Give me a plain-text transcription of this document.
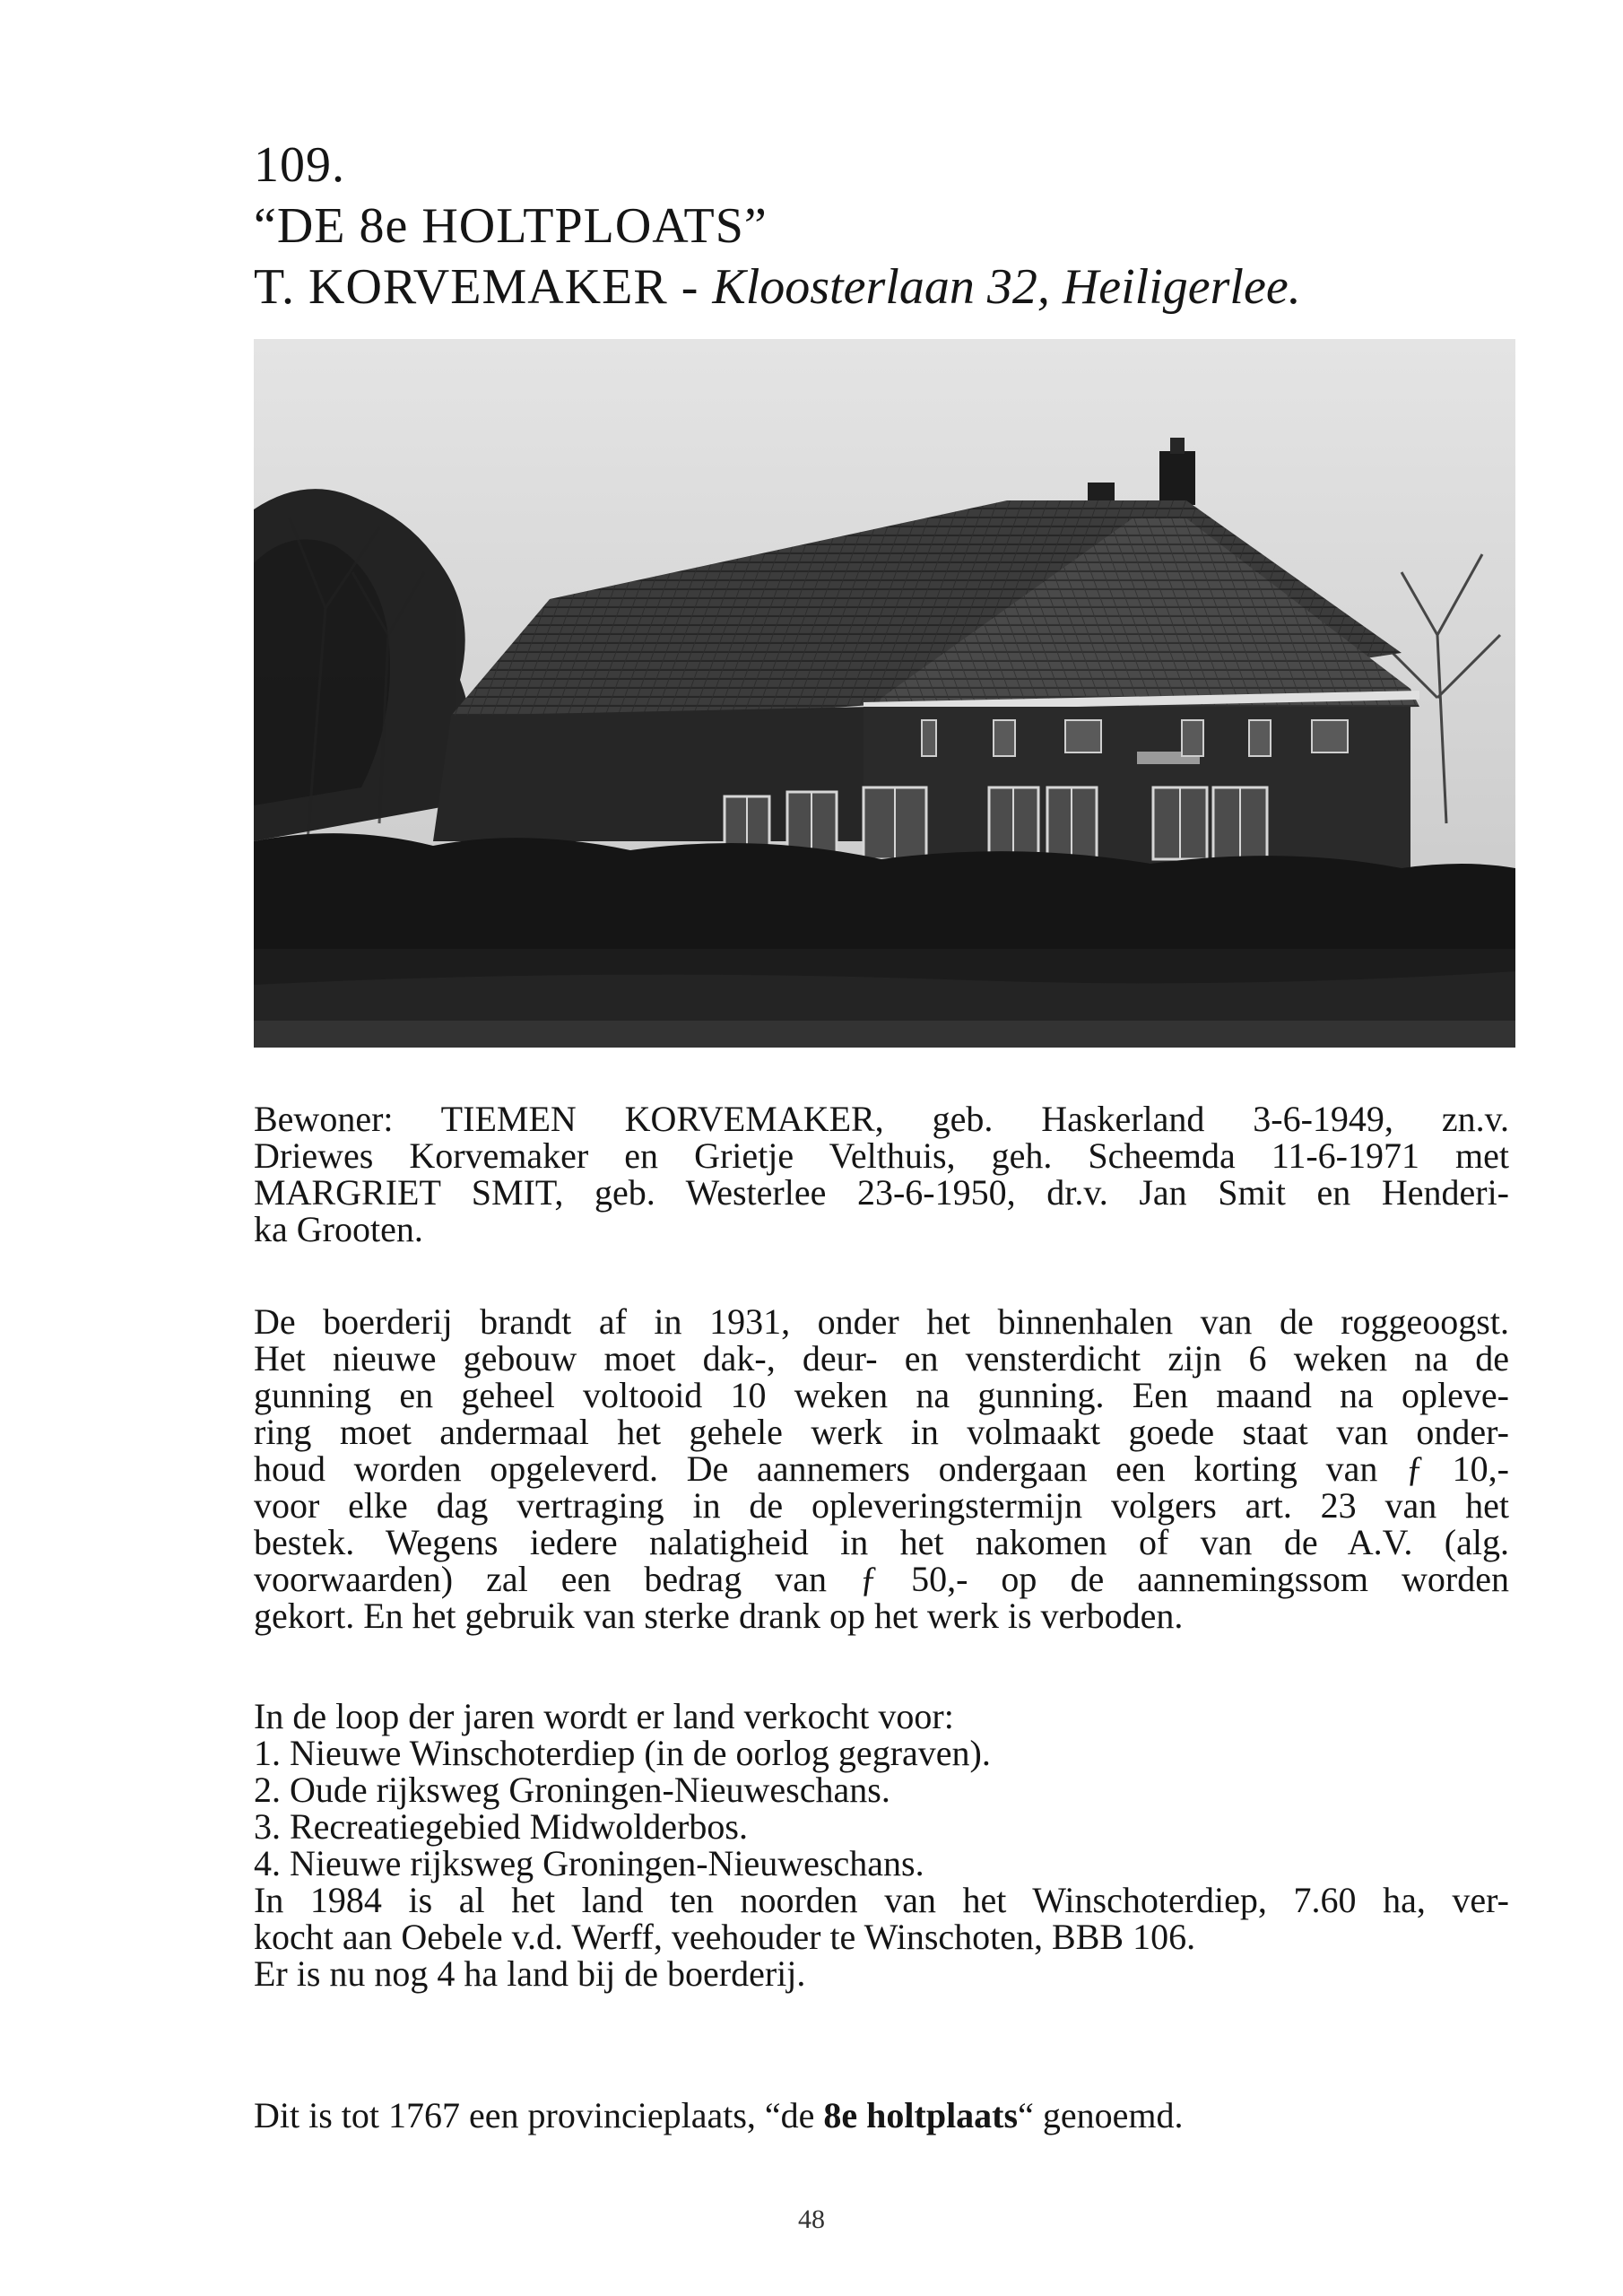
109.
“DE 8e HOLTPLOATS”
T. KORVEMAKER - Kloosterlaan 32, Heiligerlee.
Bewoner: TIEMEN KORVEMAKER, geb. Haskerland 3-6-1949, zn.v.
Driewes Korvemaker en Grietje Velthuis, geh. Scheemda 11-6-1971 met
MARGRIET SMIT, geb. Westerlee 23-6-1950, dr.v. Jan Smit en Henderi-
ka Grooten.
De boerderij brandt af in 1931, onder het binnenhalen van de roggeoogst.
Het nieuwe gebouw moet dak-, deur- en vensterdicht zijn 6 weken na de
gunning en geheel voltooid 10 weken na gunning. Een maand na opleve-
ring moet andermaal het gehele werk in volmaakt goede staat van onder-
houd worden opgeleverd. De aannemers ondergaan een korting van ƒ 10,-
voor elke dag vertraging in de opleveringstermijn volgers art. 23 van het
bestek. Wegens iedere nalatigheid in het nakomen of van de A.V. (alg.
voorwaarden) zal een bedrag van ƒ 50,- op de aannemingssom worden
gekort. En het gebruik van sterke drank op het werk is verboden.
In de loop der jaren wordt er land verkocht voor:
1. Nieuwe Winschoterdiep (in de oorlog gegraven).
2. Oude rijksweg Groningen-Nieuweschans.
3. Recreatiegebied Midwolderbos.
4. Nieuwe rijksweg Groningen-Nieuweschans.
In 1984 is al het land ten noorden van het Winschoterdiep, 7.60 ha, ver-
kocht aan Oebele v.d. Werff, veehouder te Winschoten, BBB 106.
Er is nu nog 4 ha land bij de boerderij.
Dit is tot 1767 een provincieplaats, “de 8e holtplaats“ genoemd.
48
